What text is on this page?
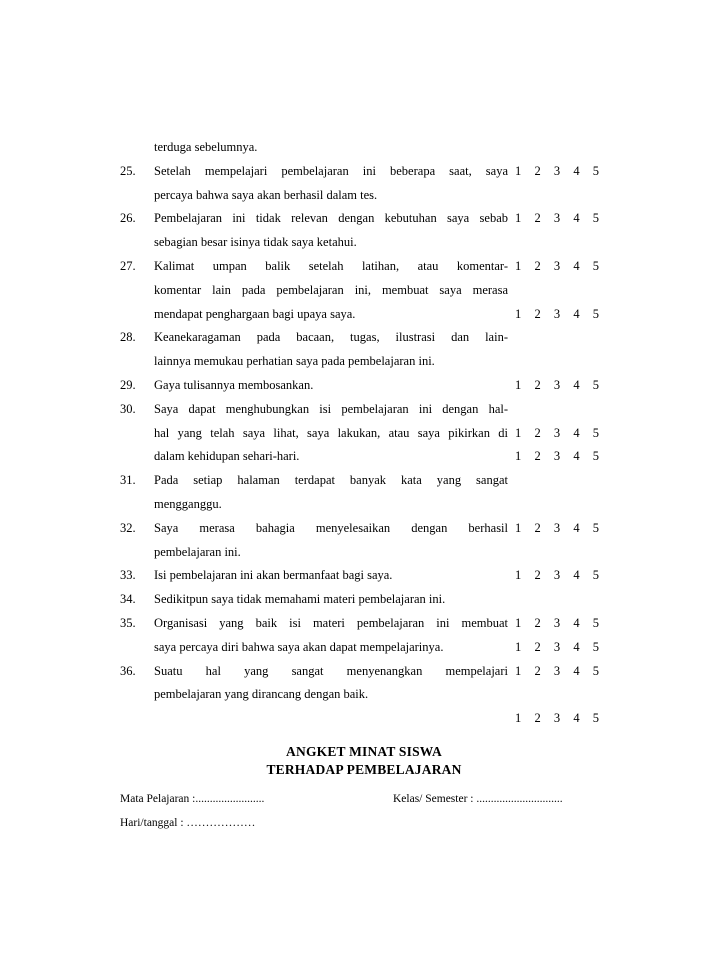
terduga sebelumnya.
25.	Setelah mempelajari pembelajaran ini beberapa saat, saya 1 2 3 4 5
percaya bahwa saya akan berhasil dalam tes.
26.	Pembelajaran ini tidak relevan dengan kebutuhan saya sebab 1 2 3 4 5
sebagian besar isinya tidak saya ketahui.
27.	Kalimat umpan balik setelah latihan, atau komentar- 1 2 3 4 5
komentar lain pada pembelajaran ini, membuat saya merasa
mendapat penghargaan bagi upaya saya.	1 2 3 4 5
28.	Keanekaragaman pada bacaan, tugas, ilustrasi dan lain-
lainnya memukau perhatian saya pada pembelajaran ini.
29.	Gaya tulisannya membosankan.	1 2 3 4 5
30.	Saya dapat menghubungkan isi pembelajaran ini dengan hal-
hal yang telah saya lihat, saya lakukan, atau saya pikirkan di 1 2 3 4 5
dalam kehidupan sehari-hari.	1 2 3 4 5
31.	Pada setiap halaman terdapat banyak kata yang sangat
mengganggu.
32.	Saya merasa bahagia menyelesaikan dengan berhasil 1 2 3 4 5
pembelajaran ini.
33.	Isi pembelajaran ini akan bermanfaat bagi saya.	1 2 3 4 5
34.	Sedikitpun saya tidak memahami materi pembelajaran ini.
35.	Organisasi yang baik isi materi pembelajaran ini membuat 1 2 3 4 5
saya percaya diri bahwa saya akan dapat mempelajarinya.	1 2 3 4 5
36.	Suatu hal yang sangat menyenangkan mempelajari 1 2 3 4 5
pembelajaran yang dirancang dengan baik.
1 2 3 4 5
ANGKET MINAT SISWA
TERHADAP PEMBELAJARAN
Mata Pelajaran :........................	Kelas/ Semester : ..............................
Hari/tanggal : ………………
